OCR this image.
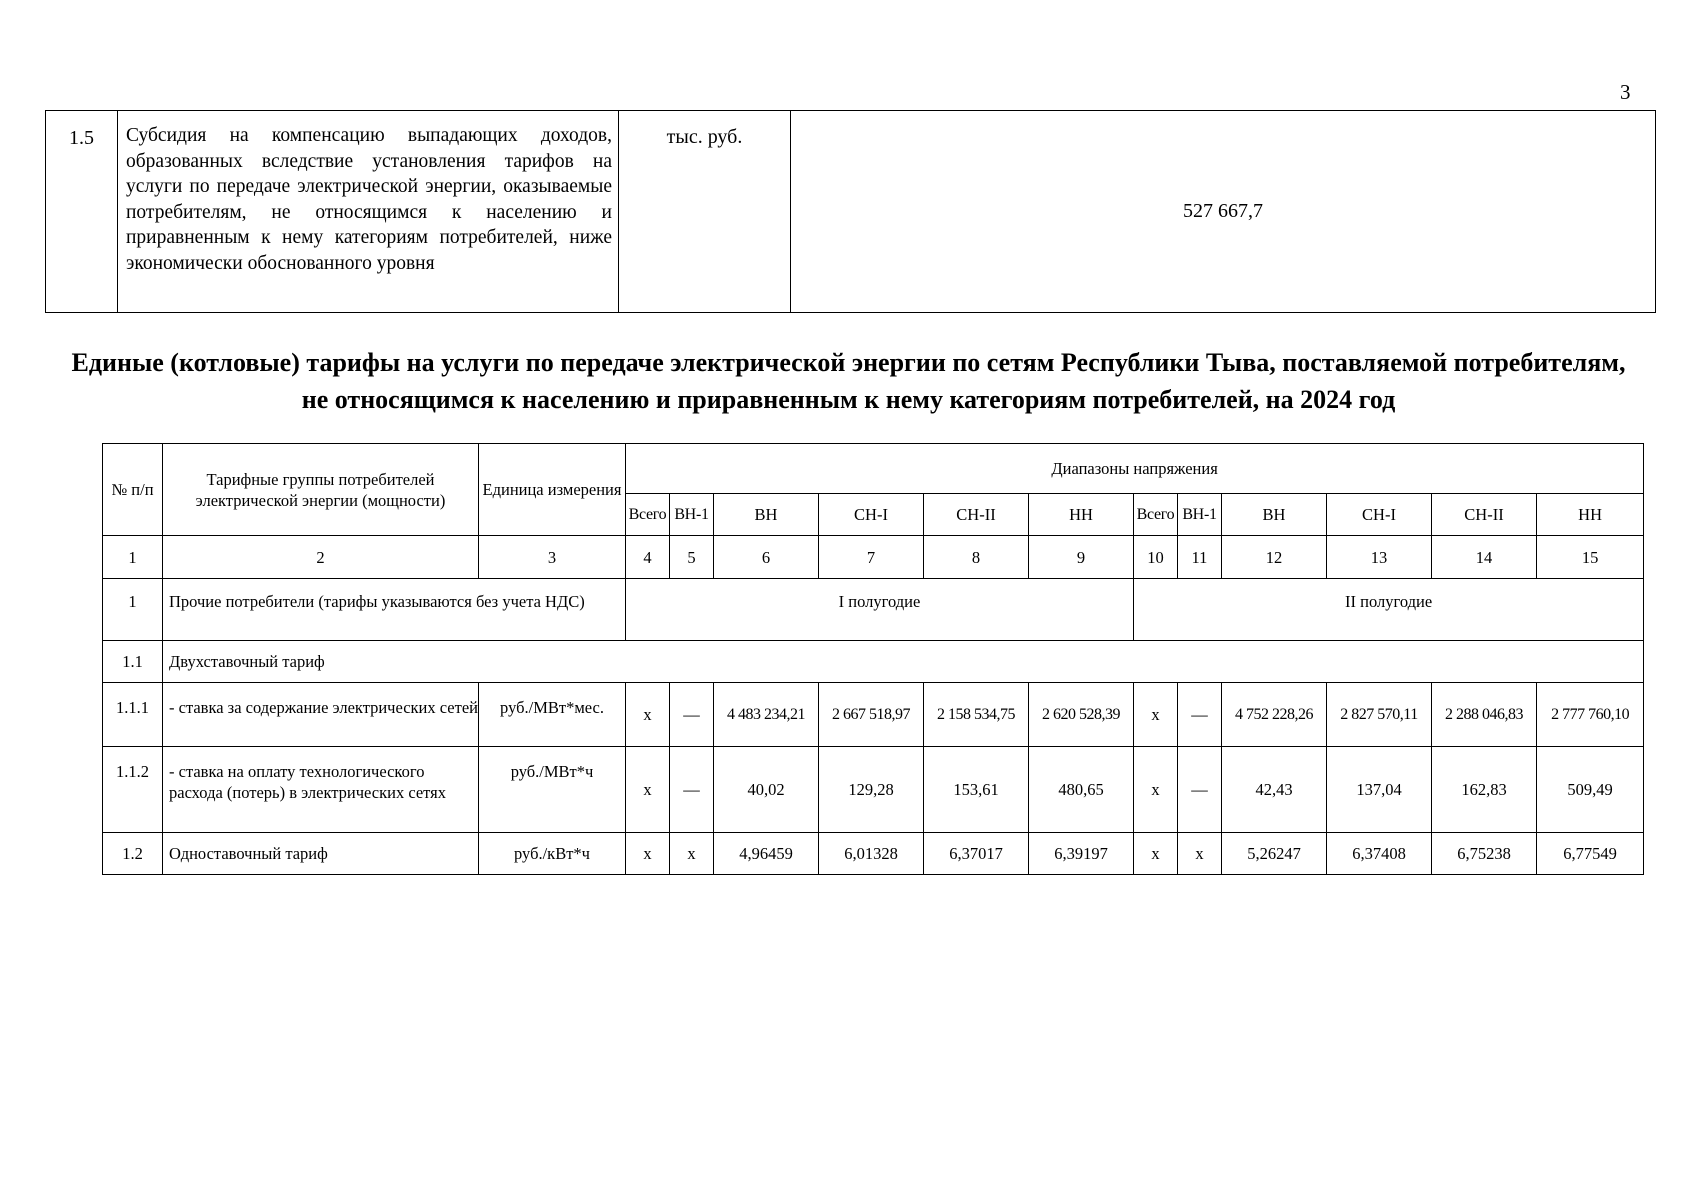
3
1.5	Субсидия на компенсацию выпадающих доходов, образованных вследствие установления тарифов на услуги по передаче электрической энергии, оказываемые потребителям, не относящимся к населению и приравненным к нему категориям потребителей, ниже экономически обоснованного уровня	тыс. руб.	527 667,7
Единые (котловые) тарифы на услуги по передаче электрической энергии по сетям Республики Тыва, поставляемой потребителям, не относящимся к населению и приравненным к нему категориям потребителей, на 2024 год
№ п/п	Тарифные группы потребителей электрической энергии (мощности)	Единица измерения	Диапазоны напряжения											
			Всего	ВН-1	ВН	СН-I	СН-II	НН	Всего	ВН-1	ВН	СН-I	СН-II	НН
1	2	3	4	5	6	7	8	9	10	11	12	13	14	15
1	Прочие потребители (тарифы указываются без учета НДС)		I полугодие						II полугодие					
1.1	Двухставочный тариф													
1.1.1	- ставка за содержание электрических сетей	руб./МВт*мес.	х	—	4 483 234,21	2 667 518,97	2 158 534,75	2 620 528,39	х	—	4 752 228,26	2 827 570,11	2 288 046,83	2 777 760,10
1.1.2	- ставка на оплату технологического расхода (потерь) в электрических сетях	руб./МВт*ч	х	—	40,02	129,28	153,61	480,65	х	—	42,43	137,04	162,83	509,49
1.2	Одноставочный тариф	руб./кВт*ч	х	х	4,96459	6,01328	6,37017	6,39197	х	х	5,26247	6,37408	6,75238	6,77549
